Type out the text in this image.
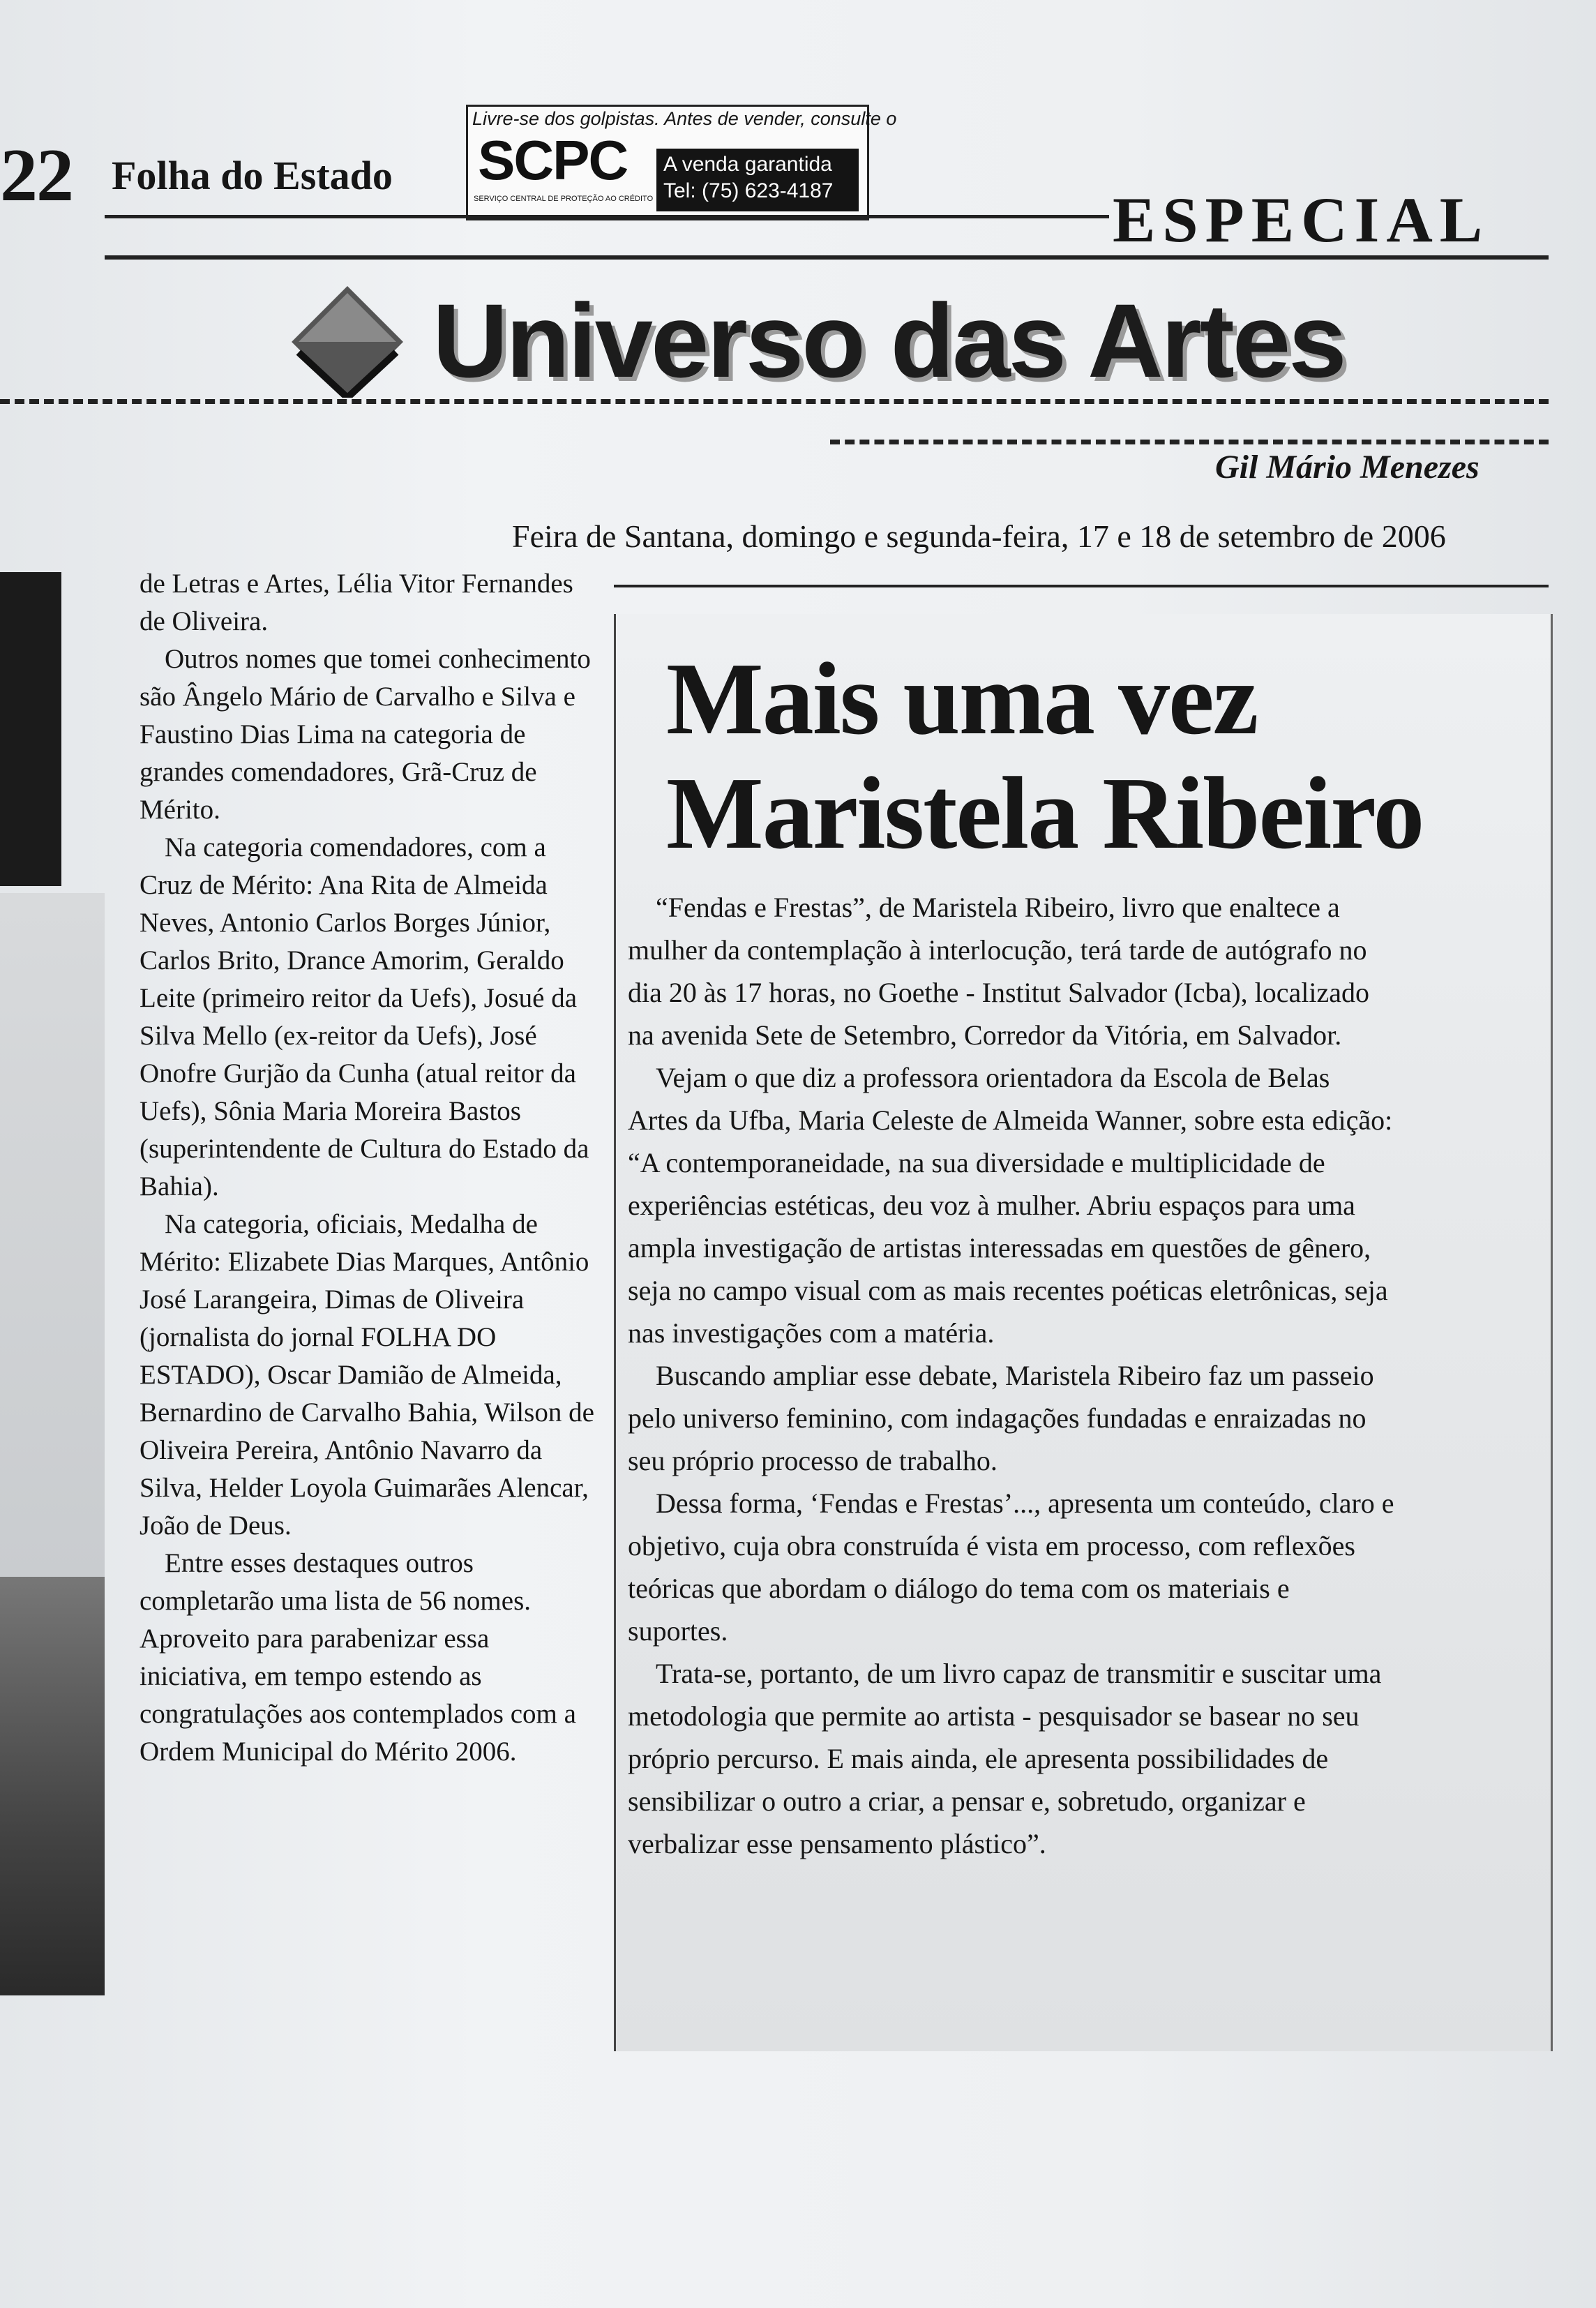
22 Folha do Estado
Livre-se dos golpistas. Antes de vender, consulte o
SCPC
SERVIÇO CENTRAL DE PROTEÇÃO AO CRÉDITO
A venda garantida
Tel: (75) 623-4187	ESPECIAL
Universo das Artes
Gil Mário Menezes
Feira de Santana, domingo e segunda-feira, 17 e 18 de setembro de 2006

de Letras e Artes, Lélia Vitor Fernandes de Oliveira.

Outros nomes que tomei conhecimento são Ângelo Mário de Carvalho e Silva e Faustino Dias Lima na categoria de grandes comendadores, Grã-Cruz de Mérito.

Na categoria comendadores, com a Cruz de Mérito: Ana Rita de Almeida Neves, Antonio Carlos Borges Júnior, Carlos Brito, Drance Amorim, Geraldo Leite (primeiro reitor da Uefs), Josué da Silva Mello (ex-reitor da Uefs), José Onofre Gurjão da Cunha (atual reitor da Uefs), Sônia Maria Moreira Bastos (superintendente de Cultura do Estado da Bahia).

Na categoria, oficiais, Medalha de Mérito: Elizabete Dias Marques, Antônio José Larangeira, Dimas de Oliveira (jornalista do jornal FOLHA DO ESTADO), Oscar Damião de Almeida, Bernardino de Carvalho Bahia, Wilson de Oliveira Pereira, Antônio Navarro da Silva, Helder Loyola Guimarães Alencar, João de Deus.

Entre esses destaques outros completarão uma lista de 56 nomes. Aproveito para parabenizar essa iniciativa, em tempo estendo as congratulações aos contemplados com a Ordem Municipal do Mérito 2006.

Mais uma vez
Maristela Ribeiro

“Fendas e Frestas”, de Maristela Ribeiro, livro que enaltece a mulher da contemplação à interlocução, terá tarde de autógrafo no dia 20 às 17 horas, no Goethe - Institut Salvador (Icba), localizado na avenida Sete de Setembro, Corredor da Vitória, em Salvador.

Vejam o que diz a professora orientadora da Escola de Belas Artes da Ufba, Maria Celeste de Almeida Wanner, sobre esta edição: “A contemporaneidade, na sua diversidade e multiplicidade de experiências estéticas, deu voz à mulher. Abriu espaços para uma ampla investigação de artistas interessadas em questões de gênero, seja no campo visual com as mais recentes poéticas eletrônicas, seja nas investigações com a matéria.

Buscando ampliar esse debate, Maristela Ribeiro faz um passeio pelo universo feminino, com indagações fundadas e enraizadas no seu próprio processo de trabalho.

Dessa forma, ‘Fendas e Frestas’..., apresenta um conteúdo, claro e objetivo, cuja obra construída é vista em processo, com reflexões teóricas que abordam o diálogo do tema com os materiais e suportes.

Trata-se, portanto, de um livro capaz de transmitir e suscitar uma metodologia que permite ao artista - pesquisador se basear no seu próprio percurso. E mais ainda, ele apresenta possibilidades de sensibilizar o outro a criar, a pensar e, sobretudo, organizar e verbalizar esse pensamento plástico”.
